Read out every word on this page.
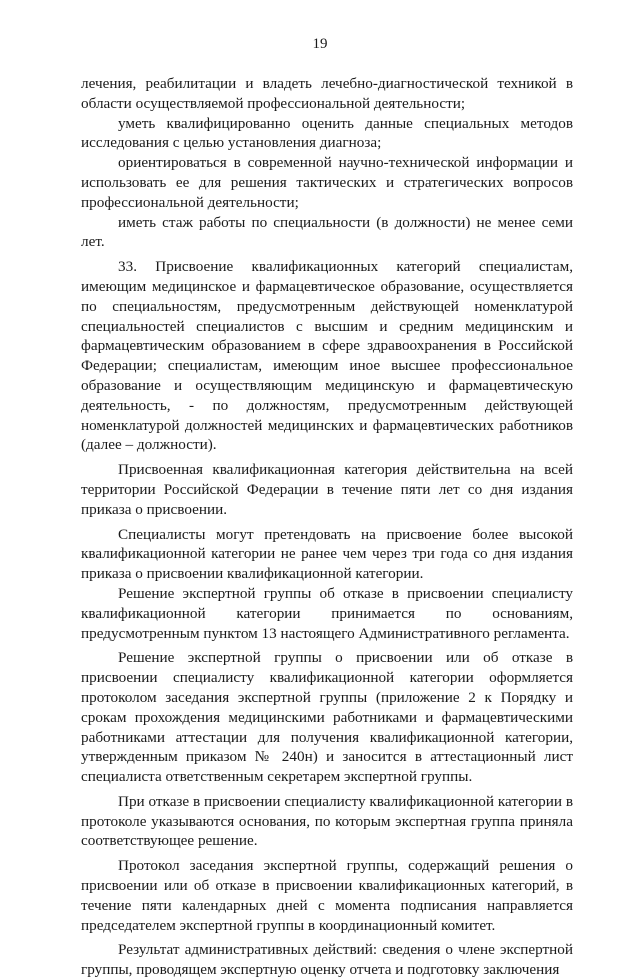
19

лечения, реабилитации и владеть лечебно-диагностической техникой в области осуществляемой профессиональной деятельности;

уметь квалифицированно оценить данные специальных методов исследования с целью установления диагноза;

ориентироваться в современной научно-технической информации и использовать ее для решения тактических и стратегических вопросов профессиональной деятельности;

иметь стаж работы по специальности (в должности) не менее семи лет.

33. Присвоение квалификационных категорий специалистам, имеющим медицинское и фармацевтическое образование, осуществляется по специальностям, предусмотренным действующей номенклатурой специальностей специалистов с высшим и средним медицинским и фармацевтическим образованием в сфере здравоохранения в Российской Федерации; специалистам, имеющим иное высшее профессиональное образование и осуществляющим медицинскую и фармацевтическую деятельность, - по должностям, предусмотренным действующей номенклатурой должностей медицинских и фармацевтических работников (далее – должности).

Присвоенная квалификационная категория действительна на всей территории Российской Федерации в течение пяти лет со дня издания приказа о присвоении.

Специалисты могут претендовать на присвоение более высокой квалификационной категории не ранее чем через три года со дня издания приказа о присвоении квалификационной категории.

Решение экспертной группы об отказе в присвоении специалисту квалификационной категории принимается по основаниям, предусмотренным пунктом 13 настоящего Административного регламента.

Решение экспертной группы о присвоении или об отказе в присвоении специалисту квалификационной категории оформляется протоколом заседания экспертной группы (приложение 2 к Порядку и срокам прохождения медицинскими работниками и фармацевтическими работниками аттестации для получения квалификационной категории, утвержденным приказом № 240н) и заносится в аттестационный лист специалиста ответственным секретарем экспертной группы.

При отказе в присвоении специалисту квалификационной категории в протоколе указываются основания, по которым экспертная группа приняла соответствующее решение.

Протокол заседания экспертной группы, содержащий решения о присвоении или об отказе в присвоении квалификационных категорий, в течение пяти календарных дней с момента подписания направляется председателем экспертной группы в координационный комитет.

Результат административных действий: сведения о члене экспертной группы, проводящем экспертную оценку отчета и подготовку заключения
